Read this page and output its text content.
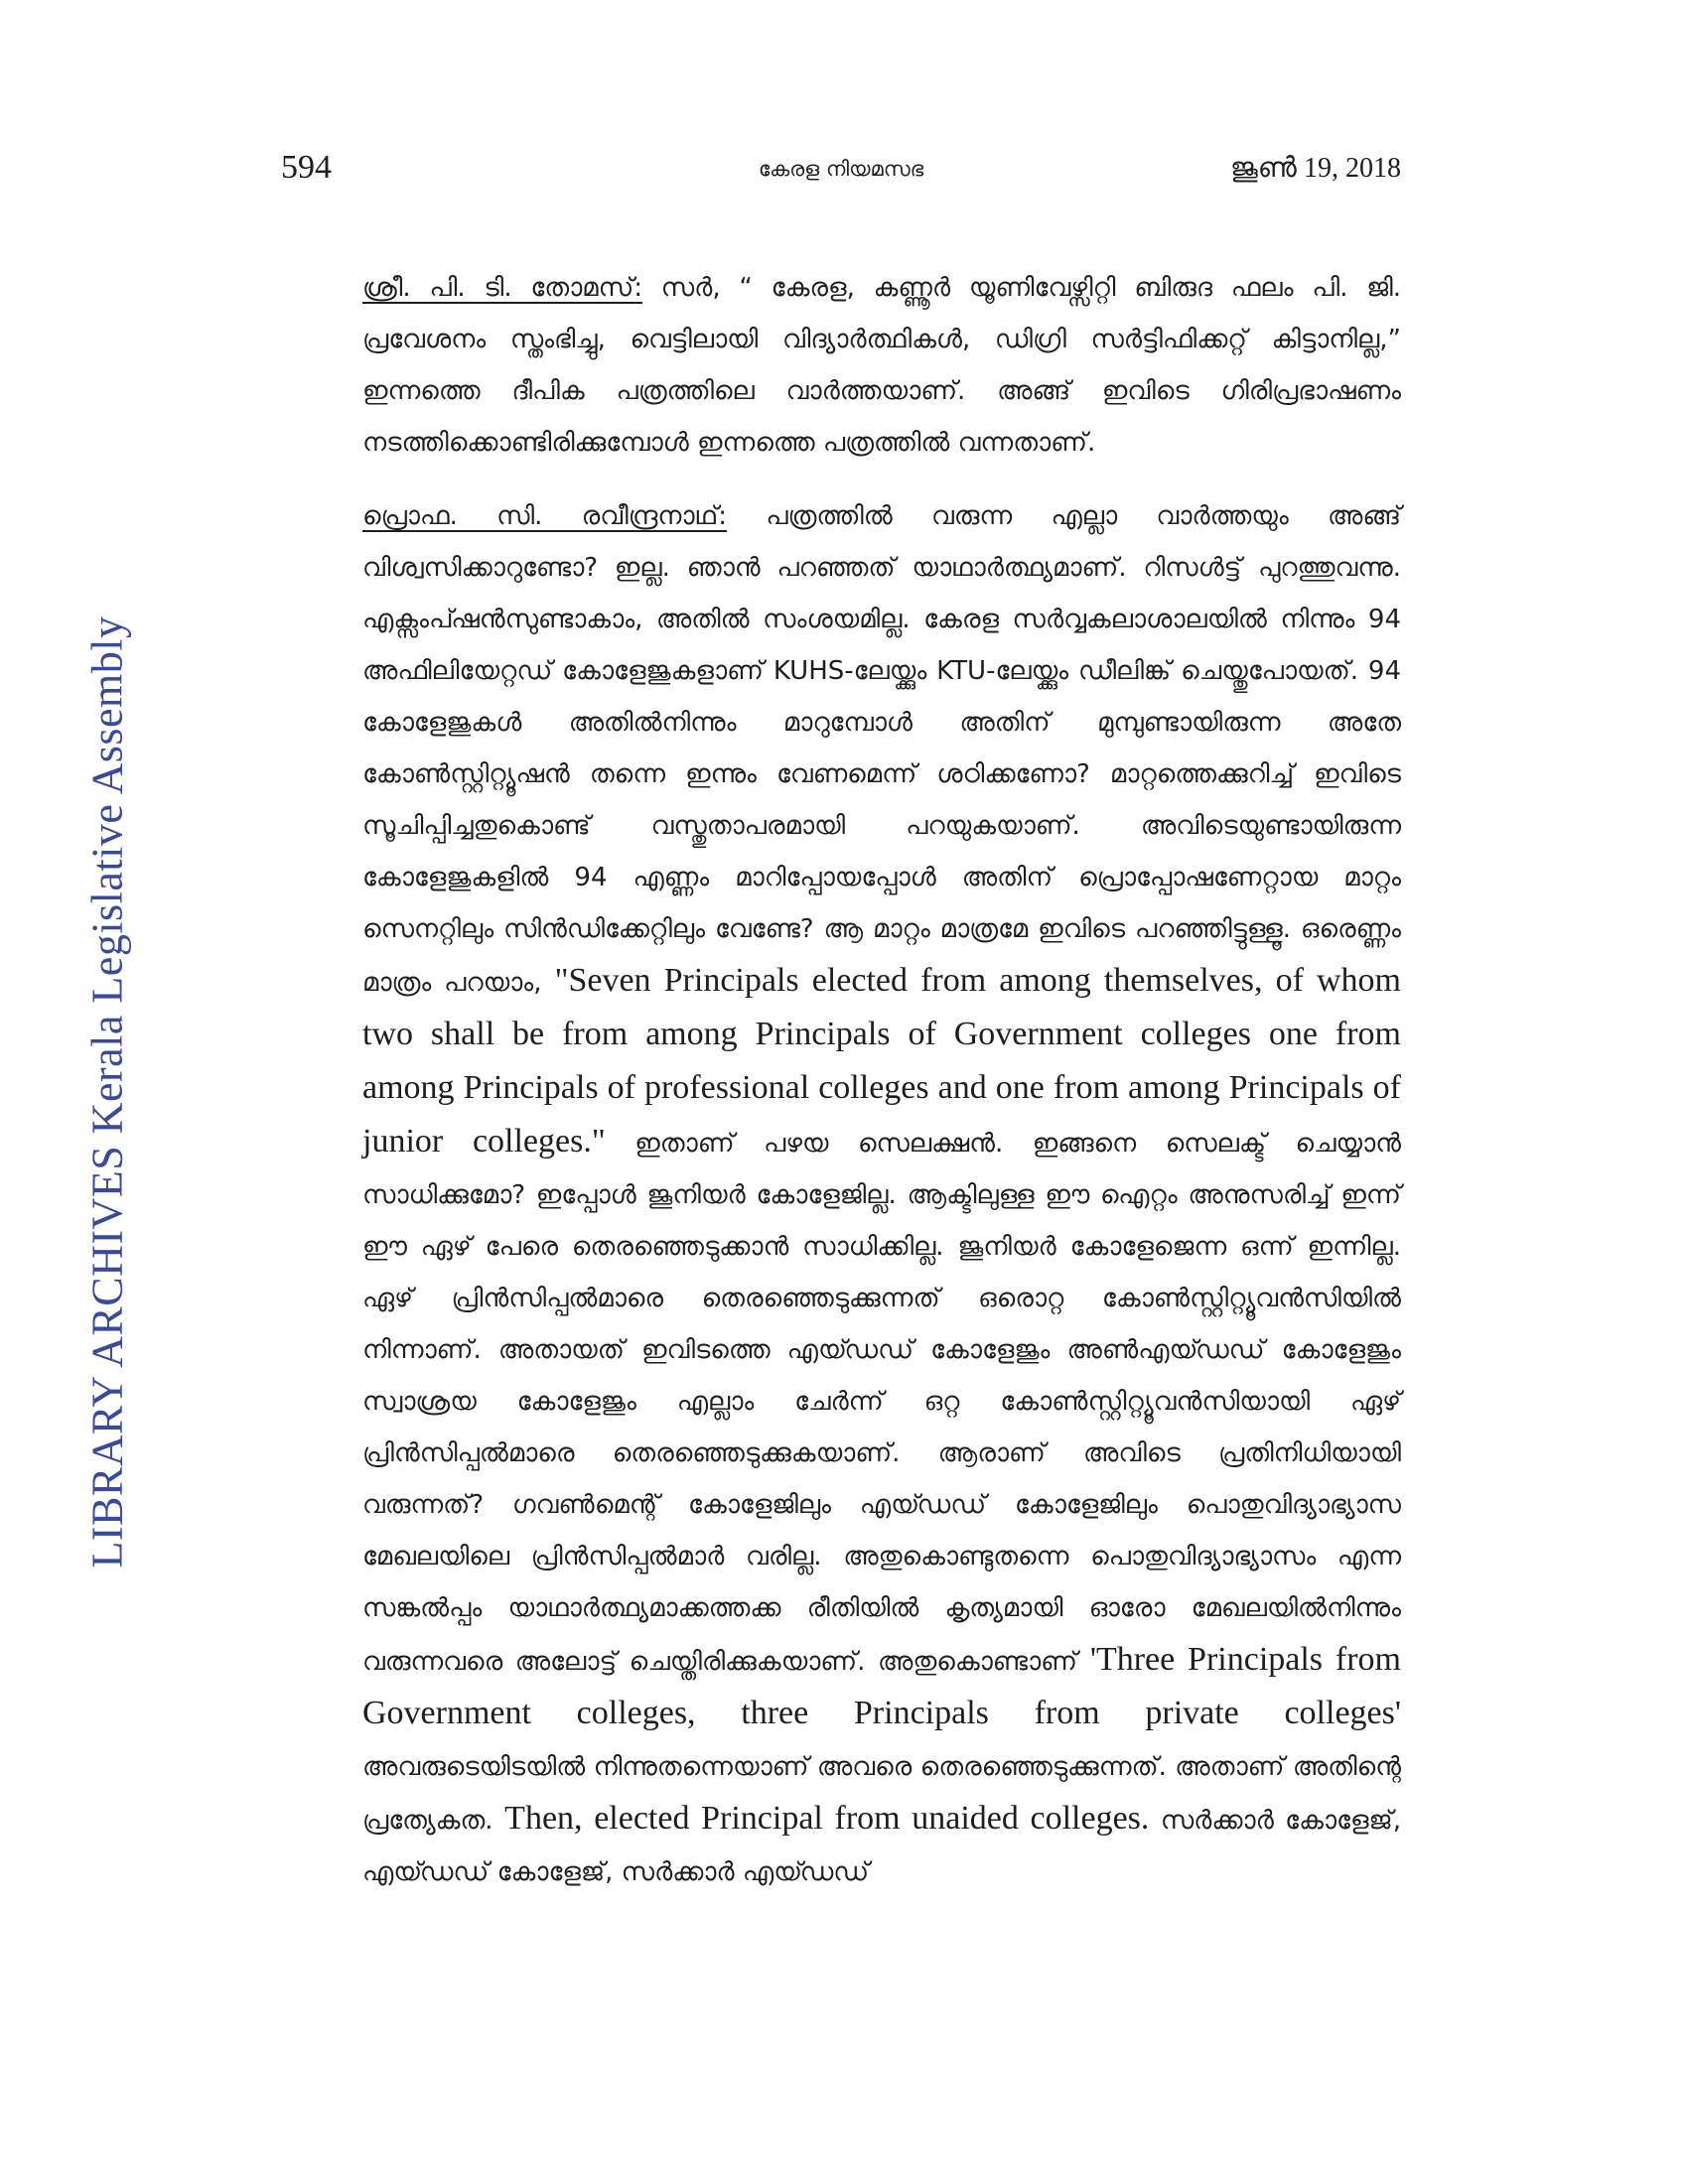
LIBRARY ARCHIVES Kerala Legislative Assembly
594	കേരള നിയമസഭ	ജൂൺ 19, 2018

ശ്രീ. പി. ടി. തോമസ്: സർ, “ കേരള, കണ്ണൂർ യൂണിവേഴ്സിറ്റി ബിരുദ ഫലം പി. ജി. പ്രവേശനം സ്തംഭിച്ചു, വെട്ടിലായി വിദ്യാർത്ഥികൾ, ഡിഗ്രി സർട്ടിഫിക്കറ്റ് കിട്ടാനില്ല,” ഇന്നത്തെ ദീപിക പത്രത്തിലെ വാർത്തയാണ്. അങ്ങ് ഇവിടെ ഗിരിപ്രഭാഷണം നടത്തിക്കൊണ്ടിരിക്കുമ്പോൾ ഇന്നത്തെ പത്രത്തിൽ വന്നതാണ്.

പ്രൊഫ. സി. രവീന്ദ്രനാഥ്: പത്രത്തിൽ വരുന്ന എല്ലാ വാർത്തയും അങ്ങ് വിശ്വസിക്കാറുണ്ടോ? ഇല്ല. ഞാൻ പറഞ്ഞത് യാഥാർത്ഥ്യമാണ്. റിസൾട്ട് പുറത്തുവന്നു. എക്സംപ്ഷൻസുണ്ടാകാം, അതിൽ സംശയമില്ല. കേരള സർവ്വകലാശാലയിൽ നിന്നും 94 അഫിലിയേറ്റഡ് കോളേജുകളാണ് KUHS-ലേയ്ക്കും KTU-ലേയ്ക്കും ഡീലിങ്ക് ചെയ്തുപോയത്. 94 കോളേജുകൾ അതിൽനിന്നും മാറുമ്പോൾ അതിന് മുമ്പുണ്ടായിരുന്ന അതേ കോൺസ്റ്റിറ്റ്യൂഷൻ തന്നെ ഇന്നും വേണമെന്ന് ശഠിക്കണോ? മാറ്റത്തെക്കുറിച്ച് ഇവിടെ സൂചിപ്പിച്ചതുകൊണ്ട് വസ്തുതാപരമായി പറയുകയാണ്. അവിടെയുണ്ടായിരുന്ന കോളേജുകളിൽ 94 എണ്ണം മാറിപ്പോയപ്പോൾ അതിന് പ്രൊപ്പോഷണേറ്റായ മാറ്റം സെനറ്റിലും സിൻഡിക്കേറ്റിലും വേണ്ടേ? ആ മാറ്റം മാത്രമേ ഇവിടെ പറഞ്ഞിട്ടുള്ളൂ. ഒരെണ്ണം മാത്രം പറയാം, "Seven Principals elected from among themselves, of whom two shall be from among Principals of Government colleges one from among Principals of professional colleges and one from among Principals of junior colleges." ഇതാണ് പഴയ സെലക്ഷൻ. ഇങ്ങനെ സെലക്ട് ചെയ്യാൻ സാധിക്കുമോ? ഇപ്പോൾ ജൂനിയർ കോളേജില്ല. ആക്ടിലുള്ള ഈ ഐറ്റം അനുസരിച്ച് ഇന്ന് ഈ ഏഴ് പേരെ തെരഞ്ഞെടുക്കാൻ സാധിക്കില്ല. ജൂനിയർ കോളേജെന്ന ഒന്ന് ഇന്നില്ല. ഏഴ് പ്രിൻസിപ്പൽമാരെ തെരഞ്ഞെടുക്കുന്നത് ഒരൊറ്റ കോൺസ്റ്റിറ്റ്യൂവൻസിയിൽ നിന്നാണ്. അതായത് ഇവിടത്തെ എയ്ഡഡ് കോളേജും അൺഎയ്ഡഡ് കോളേജും സ്വാശ്രയ കോളേജും എല്ലാം ചേർന്ന് ഒറ്റ കോൺസ്റ്റിറ്റ്യൂവൻസിയായി ഏഴ് പ്രിൻസിപ്പൽമാരെ തെരഞ്ഞെടുക്കുകയാണ്. ആരാണ് അവിടെ പ്രതിനിധിയായി വരുന്നത്? ഗവൺമെന്റ് കോളേജിലും എയ്ഡഡ് കോളേജിലും പൊതുവിദ്യാഭ്യാസ മേഖലയിലെ പ്രിൻസിപ്പൽമാർ വരില്ല. അതുകൊണ്ടുതന്നെ പൊതുവിദ്യാഭ്യാസം എന്ന സങ്കൽപ്പം യാഥാർത്ഥ്യമാക്കത്തക്ക രീതിയിൽ കൃത്യമായി ഓരോ മേഖലയിൽനിന്നും വരുന്നവരെ അലോട്ട് ചെയ്തിരിക്കുകയാണ്. അതുകൊണ്ടാണ് 'Three Principals from Government colleges, three Principals from private colleges' അവരുടെയിടയിൽ നിന്നുതന്നെയാണ് അവരെ തെരഞ്ഞെടുക്കുന്നത്. അതാണ് അതിന്റെ പ്രത്യേകത. Then, elected Principal from unaided colleges. സർക്കാർ കോളേജ്, എയ്ഡഡ് കോളേജ്, സർക്കാർ എയ്ഡഡ്
